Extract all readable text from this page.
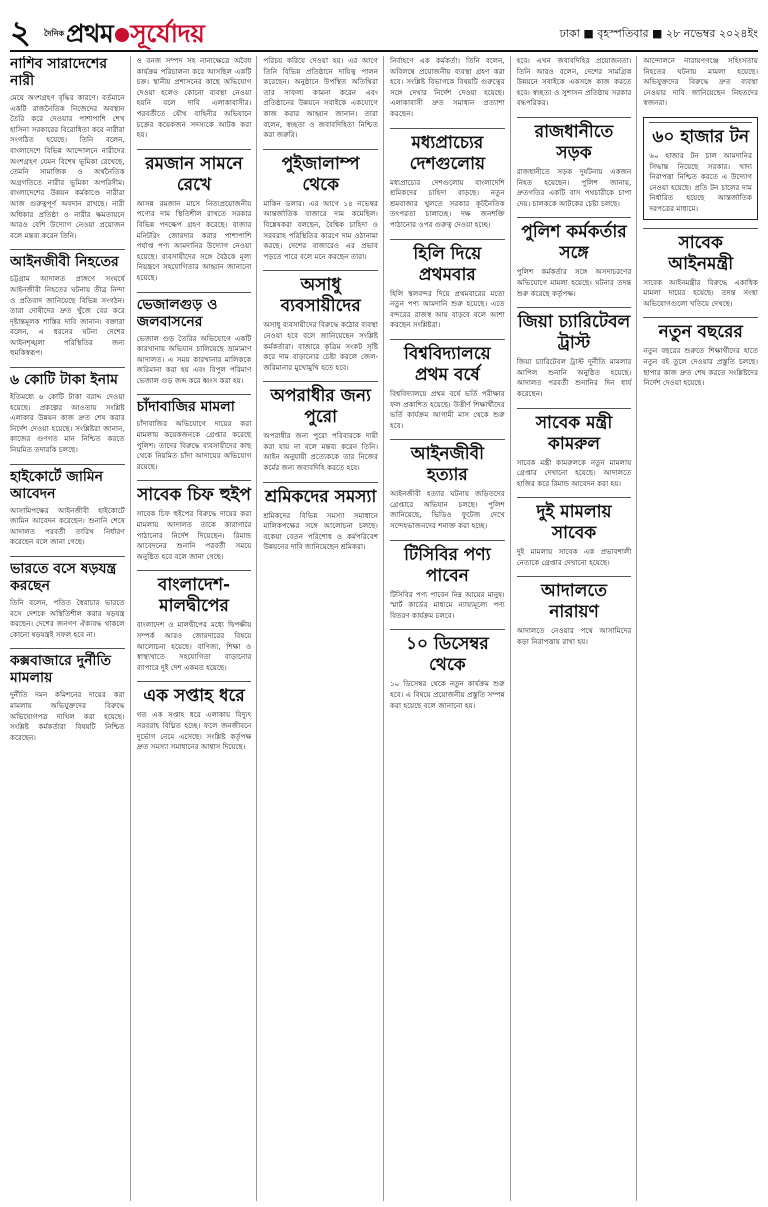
২	দৈনিক প্রথম সূর্যোদয়	ঢাকা ■ বৃহস্পতিবার ■ ২৮ নভেম্বর ২০২৪ইং
নাশিব সারাদেশের নারী
মেয়ে অংশগ্রহণ বৃদ্ধির কারণে। বর্তমানে একটি রাজনৈতিক নিজেদের অবস্থান তৈরি করে দেওয়ার পাশাপাশি শেখ হাসিনা সরকারের বিরোধিতা করে নারীরা সংগঠিত হয়েছে। তিনি বলেন, বাংলাদেশে বিভিন্ন আন্দোলনে নারীদের অংশগ্রহণ যেমন বিশেষ ভূমিকা রেখেছে, তেমনি সামাজিক ও অর্থনৈতিক অগ্রগতিতে নারীর ভূমিকা অপরিসীম। বাংলাদেশের উন্নয়ন কর্মকাণ্ডে নারীরা আজ গুরুত্বপূর্ণ অবদান রাখছে। নারী অধিকার প্রতিষ্ঠা ও নারীর ক্ষমতায়নে আরও বেশি উদ্যোগ নেওয়া প্রয়োজন বলে মন্তব্য করেন তিনি।
আইনজীবী নিহতের
চট্টগ্রাম আদালত প্রাঙ্গণে সংঘর্ষে আইনজীবী নিহতের ঘটনায় তীব্র নিন্দা ও প্রতিবাদ জানিয়েছে বিভিন্ন সংগঠন। তারা দোষীদের দ্রুত খুঁজে বের করে দৃষ্টান্তমূলক শাস্তির দাবি জানান। বক্তারা বলেন, এ ধরনের ঘটনা দেশের আইনশৃঙ্খলা পরিস্থিতির জন্য হুমকিস্বরূপ।
৬ কোটি টাকা ইনাম
ইতিমধ্যে ৬ কোটি টাকা বরাদ্দ দেওয়া হয়েছে। প্রকল্পের আওতায় সংশ্লিষ্ট এলাকার উন্নয়ন কাজ দ্রুত শেষ করার নির্দেশ দেওয়া হয়েছে। সংশ্লিষ্টরা জানান, কাজের গুণগত মান নিশ্চিত করতে নিয়মিত তদারকি চলছে।
হাইকোর্টে জামিন আবেদন
আসামিপক্ষের আইনজীবী হাইকোর্টে জামিন আবেদন করেছেন। শুনানি শেষে আদালত পরবর্তী তারিখ নির্ধারণ করেছেন বলে জানা গেছে।
ভারতে বসে ষড়যন্ত্র করছেন
তিনি বলেন, পতিত স্বৈরাচার ভারতে বসে দেশকে অস্থিতিশীল করার ষড়যন্ত্র করছেন। দেশের জনগণ ঐক্যবদ্ধ থাকলে কোনো ষড়যন্ত্রই সফল হবে না।
কক্সবাজারে দুর্নীতি মামলায়
দুর্নীতি দমন কমিশনের দায়ের করা মামলায় অভিযুক্তদের বিরুদ্ধে অভিযোগপত্র দাখিল করা হয়েছে। সংশ্লিষ্ট কর্মকর্তারা বিষয়টি নিশ্চিত করেছেন।
ও বনজ সম্পদ সহ নানাক্ষেত্রে অবৈধ কার্যক্রম পরিচালনা করে আসছিল একটি চক্র। স্থানীয় প্রশাসনের কাছে অভিযোগ দেওয়া হলেও কোনো ব্যবস্থা নেওয়া হয়নি বলে দাবি এলাকাবাসীর। পরবর্তীতে যৌথ বাহিনীর অভিযানে চক্রের কয়েকজন সদস্যকে আটক করা হয়।
রমজান সামনে রেখে
আসন্ন রমজান মাসে নিত্যপ্রয়োজনীয় পণ্যের দাম স্থিতিশীল রাখতে সরকার বিভিন্ন পদক্ষেপ গ্রহণ করেছে। বাজার মনিটরিং জোরদার করার পাশাপাশি পর্যাপ্ত পণ্য আমদানির উদ্যোগ নেওয়া হয়েছে। ব্যবসায়ীদের সঙ্গে বৈঠকে মূল্য নিয়ন্ত্রণে সহযোগিতার আহ্বান জানানো হয়েছে।
ভেজালগুড় ও জলবাসনের
ভেজাল গুড় তৈরির অভিযোগে একটি কারখানায় অভিযান চালিয়েছে ভ্রাম্যমাণ আদালত। এ সময় কারখানার মালিককে জরিমানা করা হয় এবং বিপুল পরিমাণ ভেজাল গুড় জব্দ করে ধ্বংস করা হয়।
চাঁদাবাজির মামলা
চাঁদাবাজির অভিযোগে দায়ের করা মামলায় কয়েকজনকে গ্রেপ্তার করেছে পুলিশ। তাদের বিরুদ্ধে ব্যবসায়ীদের কাছ থেকে নিয়মিত চাঁদা আদায়ের অভিযোগ রয়েছে।
সাবেক চিফ হুইপ
সাবেক চিফ হুইপের বিরুদ্ধে দায়ের করা মামলায় আদালত তাকে কারাগারে পাঠানোর নির্দেশ দিয়েছেন। রিমান্ড আবেদনের শুনানি পরবর্তী সময়ে অনুষ্ঠিত হবে বলে জানা গেছে।
বাংলাদেশ-মালদ্বীপের
বাংলাদেশ ও মালদ্বীপের মধ্যে দ্বিপক্ষীয় সম্পর্ক আরও জোরদারের বিষয়ে আলোচনা হয়েছে। বাণিজ্য, শিক্ষা ও স্বাস্থ্যখাতে সহযোগিতা বাড়ানোর ব্যাপারে দুই দেশ একমত হয়েছে।
এক সপ্তাহ ধরে
গত এক সপ্তাহ ধরে এলাকায় বিদ্যুৎ সরবরাহ বিঘ্নিত হচ্ছে। ফলে জনজীবনে দুর্ভোগ নেমে এসেছে। সংশ্লিষ্ট কর্তৃপক্ষ দ্রুত সমস্যা সমাধানের আশ্বাস দিয়েছে।
পরিচয় করিয়ে দেওয়া হয়। এর আগে তিনি বিভিন্ন প্রতিষ্ঠানে দায়িত্ব পালন করেছেন। অনুষ্ঠানে উপস্থিত অতিথিরা তার সাফল্য কামনা করেন এবং প্রতিষ্ঠানের উন্নয়নে সবাইকে একযোগে কাজ করার আহ্বান জানান। তারা বলেন, স্বচ্ছতা ও জবাবদিহিতা নিশ্চিত করা জরুরি।
পুইজালাম্প থেকে
মাকিন ডলার। এর আগে ১৪ নভেম্বর আন্তর্জাতিক বাজারে দাম কমেছিল। বিশ্লেষকরা বলছেন, বৈশ্বিক চাহিদা ও সরবরাহ পরিস্থিতির কারণে দাম ওঠানামা করছে। দেশের বাজারেও এর প্রভাব পড়তে পারে বলে মনে করছেন তারা।
অসাধু ব্যবসায়ীদের
অসাধু ব্যবসায়ীদের বিরুদ্ধে কঠোর ব্যবস্থা নেওয়া হবে বলে জানিয়েছেন সংশ্লিষ্ট কর্মকর্তারা। বাজারে কৃত্রিম সংকট সৃষ্টি করে দাম বাড়ানোর চেষ্টা করলে জেল-জরিমানার মুখোমুখি হতে হবে।
অপরাধীর জন্য পুরো
অপরাধীর জন্য পুরো পরিবারকে দায়ী করা যায় না বলে মন্তব্য করেন তিনি। আইন অনুযায়ী প্রত্যেককে তার নিজের কর্মের জন্য জবাবদিহি করতে হবে।
শ্রমিকদের সমস্যা
শ্রমিকদের বিভিন্ন সমস্যা সমাধানে মালিকপক্ষের সঙ্গে আলোচনা চলছে। বকেয়া বেতন পরিশোধ ও কর্মপরিবেশ উন্নয়নের দাবি জানিয়েছেন শ্রমিকরা।
নির্বাহণে এক কর্মকর্তা। তিনি বলেন, অবিলম্বে প্রয়োজনীয় ব্যবস্থা গ্রহণ করা হবে। সংশ্লিষ্ট বিভাগকে বিষয়টি গুরুত্বের সঙ্গে দেখার নির্দেশ দেওয়া হয়েছে। এলাকাবাসী দ্রুত সমাধান প্রত্যাশা করছেন।
মধ্যপ্রাচ্যের দেশগুলোয়
মধ্যপ্রাচ্যের দেশগুলোয় বাংলাদেশি শ্রমিকদের চাহিদা বাড়ছে। নতুন শ্রমবাজার খুলতে সরকার কূটনৈতিক তৎপরতা চালাচ্ছে। দক্ষ জনশক্তি পাঠানোর ওপর গুরুত্ব দেওয়া হচ্ছে।
হিলি দিয়ে প্রথমবার
হিলি স্থলবন্দর দিয়ে প্রথমবারের মতো নতুন পণ্য আমদানি শুরু হয়েছে। এতে বন্দরের রাজস্ব আয় বাড়বে বলে আশা করছেন সংশ্লিষ্টরা।
বিশ্ববিদ্যালয়ে প্রথম বর্ষে
বিশ্ববিদ্যালয়ে প্রথম বর্ষে ভর্তি পরীক্ষার ফল প্রকাশিত হয়েছে। উত্তীর্ণ শিক্ষার্থীদের ভর্তি কার্যক্রম আগামী মাস থেকে শুরু হবে।
আইনজীবী হত্যার
আইনজীবী হত্যার ঘটনায় জড়িতদের গ্রেপ্তারে অভিযান চলছে। পুলিশ জানিয়েছে, ভিডিও ফুটেজ দেখে সন্দেহভাজনদের শনাক্ত করা হচ্ছে।
টিসিবির পণ্য পাবেন
টিসিবির পণ্য পাবেন নিম্ন আয়ের মানুষ। স্মার্ট কার্ডের মাধ্যমে ন্যায্যমূল্যে পণ্য বিতরণ কার্যক্রম চলবে।
১০ ডিসেম্বর থেকে
১০ ডিসেম্বর থেকে নতুন কার্যক্রম শুরু হবে। এ বিষয়ে প্রয়োজনীয় প্রস্তুতি সম্পন্ন করা হয়েছে বলে জানানো হয়।
হবে। এখন জবাবদিহির প্রয়োজনতা। তিনি আরও বলেন, দেশের সামগ্রিক উন্নয়নে সবাইকে একসঙ্গে কাজ করতে হবে। স্বচ্ছতা ও সুশাসন প্রতিষ্ঠায় সরকার বদ্ধপরিকর।
রাজধানীতে সড়ক
রাজধানীতে সড়ক দুর্ঘটনায় একজন নিহত হয়েছেন। পুলিশ জানায়, দ্রুতগতির একটি বাস পথচারীকে চাপা দেয়। চালককে আটকের চেষ্টা চলছে।
পুলিশ কর্মকর্তার সঙ্গে
পুলিশ কর্মকর্তার সঙ্গে অসদাচরণের অভিযোগে মামলা হয়েছে। ঘটনার তদন্ত শুরু করেছে কর্তৃপক্ষ।
জিয়া চ্যারিটেবল ট্রাস্ট
জিয়া চ্যারিটেবল ট্রাস্ট দুর্নীতি মামলার আপিল শুনানি অনুষ্ঠিত হয়েছে। আদালত পরবর্তী শুনানির দিন ধার্য করেছেন।
সাবেক মন্ত্রী কামরুল
সাবেক মন্ত্রী কামরুলকে নতুন মামলায় গ্রেপ্তার দেখানো হয়েছে। আদালতে হাজির করে রিমান্ড আবেদন করা হয়।
দুই মামলায় সাবেক
দুই মামলায় সাবেক এক প্রভাবশালী নেতাকে গ্রেপ্তার দেখানো হয়েছে।
আদালতে নারায়ণ
আদালতে নেওয়ার পথে আসামিদের কড়া নিরাপত্তায় রাখা হয়।
আন্দোলনে নারায়ণগঞ্জে সহিংসতায় নিহতের ঘটনায় মামলা হয়েছে। অভিযুক্তদের বিরুদ্ধে দ্রুত ব্যবস্থা নেওয়ার দাবি জানিয়েছেন নিহতদের স্বজনরা।
৬০ হাজার টন
৬০ হাজার টন চাল আমদানির সিদ্ধান্ত নিয়েছে সরকার। খাদ্য নিরাপত্তা নিশ্চিত করতে এ উদ্যোগ নেওয়া হয়েছে। প্রতি টন চালের দাম নির্ধারিত হয়েছে আন্তর্জাতিক দরপত্রের মাধ্যমে।
সাবেক আইনমন্ত্রী
সাবেক আইনমন্ত্রীর বিরুদ্ধে একাধিক মামলা দায়ের হয়েছে। তদন্ত সংস্থা অভিযোগগুলো খতিয়ে দেখছে।
নতুন বছরের
নতুন বছরের শুরুতে শিক্ষার্থীদের হাতে নতুন বই তুলে দেওয়ার প্রস্তুতি চলছে। ছাপার কাজ দ্রুত শেষ করতে সংশ্লিষ্টদের নির্দেশ দেওয়া হয়েছে।
